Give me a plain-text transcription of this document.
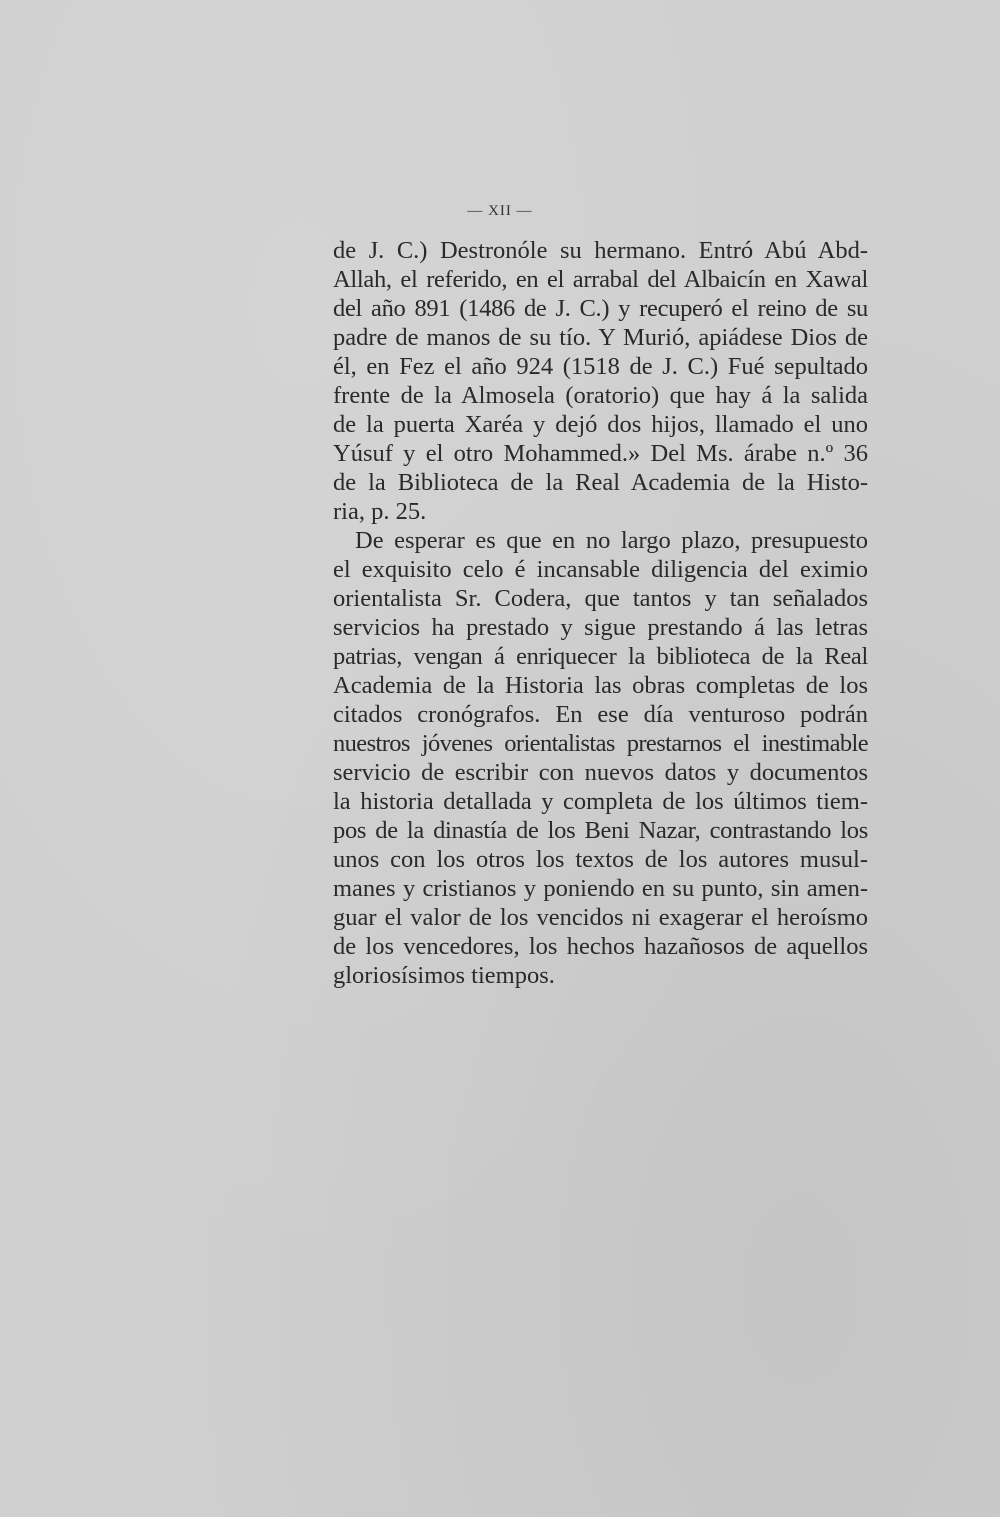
— XII —
de J. C.) Destronóle su hermano. Entró Abú Abd-
Allah, el referido, en el arrabal del Albaicín en Xawal
del año 891 (1486 de J. C.) y recuperó el reino de su
padre de manos de su tío. Y Murió, apiádese Dios de
él, en Fez el año 924 (1518 de J. C.) Fué sepultado
frente de la Almosela (oratorio) que hay á la salida
de la puerta Xaréa y dejó dos hijos, llamado el uno
Yúsuf y el otro Mohammed.» Del Ms. árabe n.º 36
de la Biblioteca de la Real Academia de la Histo-
ria, p. 25.
De esperar es que en no largo plazo, presupuesto
el exquisito celo é incansable diligencia del eximio
orientalista Sr. Codera, que tantos y tan señalados
servicios ha prestado y sigue prestando á las letras
patrias, vengan á enriquecer la biblioteca de la Real
Academia de la Historia las obras completas de los
citados cronógrafos. En ese día venturoso podrán
nuestros jóvenes orientalistas prestarnos el inestimable
servicio de escribir con nuevos datos y documentos
la historia detallada y completa de los últimos tiem-
pos de la dinastía de los Beni Nazar, contrastando los
unos con los otros los textos de los autores musul-
manes y cristianos y poniendo en su punto, sin amen-
guar el valor de los vencidos ni exagerar el heroísmo
de los vencedores, los hechos hazañosos de aquellos
gloriosísimos tiempos.
